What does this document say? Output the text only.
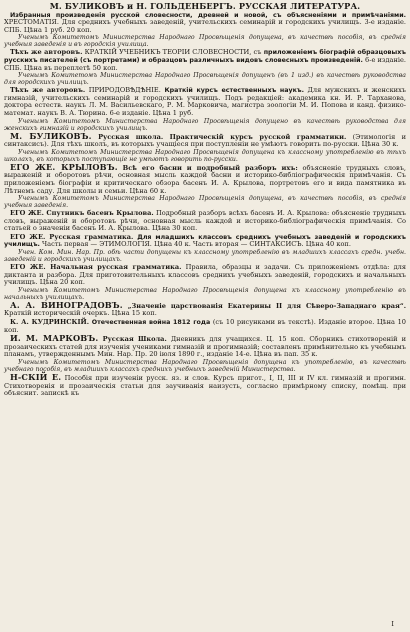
М. БУЛИКОВЪ и Н. ГОЛЬДЕНБЕРГЪ. РУССКАЯ ЛИТЕРАТУРА.

Избранныя произведенія русской словесности, древней и новой, съ объясненіями и примѣчаніями. ХРЕСТОМАТІЯ. Для среднихъ учебныхъ заведеній, учительскихъ семинарій и городскихъ училищъ. 3-е изданіе. СПБ. Цѣна 1 руб. 20 коп.

Ученымъ Комитетомъ Министерства Народнаго Просвѣщенія допущена, въ качествѣ пособія, въ среднія учебныя заведенія и въ городскія училища.

Тѣхъ же авторовъ. КРАТКІЙ УЧЕБНИКЪ ТЕОРІИ СЛОВЕСНОСТИ, съ приложеніемъ біографій образцовыхъ русскихъ писателей (съ портретами) и образцовъ различныхъ видовъ словесныхъ произведеній. 6-е изданіе. СПБ. Цѣна въ переплетѣ 50 коп.

Ученымъ Комитетомъ Министерства Народнаго Просвѣщенія допущенъ (въ 1 изд.) въ качествѣ руководства для городскихъ училищъ.

Тѣхъ же авторовъ. ПРИРОДОВѢДѢНІЕ. Краткій курсъ естественныхъ наукъ. Для мужскихъ и женскихъ гимназій, учительскихъ семинарій и городскихъ училищъ. Подъ редакціей: академика кн. И. Р. Тарханова, доктора естеств. наукъ Л. М. Васильевскаго, Р. М. Марковича, магистра зоологіи М. И. Попова и канд. физико-математ. наукъ В. А. Тюрина. 6-е изданіе. Цѣна 1 руб.

Ученымъ Комитетомъ Министерства Народнаго Просвѣщенія допущено въ качествѣ руководства для женскихъ гимназій и городскихъ училищъ.

М. БУЛИКОВЪ. Русская школа. Практическій курсъ русской грамматики. (Этимологія и синтаксисъ). Для тѣхъ школъ, въ которыхъ учащіеся при поступленіи не умѣютъ говорить по-русски. Цѣна 30 к.

Ученымъ Комитетомъ Министерства Народнаго Просвѣщенія допущена къ классному употребленію въ тѣхъ школахъ, въ которыхъ поступающіе не умѣютъ говорить по-русски.

ЕГО ЖЕ. КРЫЛОВЪ. Всѣ его басни и подробный разборъ ихъ: объясненіе трудныхъ словъ, выраженій и оборотовъ рѣчи, основная мысль каждой басни и историко-библіографическія примѣчанія. Съ приложеніемъ біографіи и критическаго обзора басенъ И. А. Крылова, портретовъ его и вида памятника въ Лѣтнемъ саду. Для школы и семьи. Цѣна 60 к.

Ученымъ Комитетомъ Министерства Народнаго Просвѣщенія допущена, въ качествѣ пособія, въ среднія учебныя заведенія.

ЕГО ЖЕ. Спутникъ басенъ Крылова. Подробный разборъ всѣхъ басенъ И. А. Крылова: объясненіе трудныхъ словъ, выраженій и оборотовъ рѣчи, основная мысль каждой и историко-библіографическія примѣчанія. Со статьей о значеніи басенъ И. А. Крылова. Цѣна 30 коп.

ЕГО ЖЕ. Русская грамматика. Для младшихъ классовъ среднихъ учебныхъ заведеній и городскихъ училищъ. Часть первая — ЭТИМОЛОГІЯ. Цѣна 40 к. Часть вторая — СИНТАКСИСЪ. Цѣна 40 коп.

Учен. Ком. Мин. Нар. Пр. обѣ части допущены къ классному употребленію въ младшихъ классахъ средн. учебн. заведеній и городскихъ училищахъ.

ЕГО ЖЕ. Начальная русская грамматика. Правила, образцы и задачи. Съ приложеніемъ отдѣла: для диктанта и разбора. Для приготовительныхъ классовъ среднихъ учебныхъ заведеній, городскихъ и начальныхъ училищъ. Цѣна 20 коп.

Ученымъ Комитетомъ Министерства Народнаго Просвѣщенія допущена къ классному употребленію въ начальныхъ училищахъ.

А. А. ВИНОГРАДОВЪ. „Значеніе царствованія Екатерины II для Сѣверо-Западнаго края“. Краткій историческій очеркъ. Цѣна 15 коп.

К. А. КУДРИНСКІЙ. Отечественная война 1812 года (съ 10 рисунками въ текстѣ). Изданіе второе. Цѣна 10 коп.

И. М. МАРКОВЪ. Русская Школа. Дневникъ для учащихся. Ц. 15 коп. Сборникъ стихотвореній и прозаическихъ статей для изученія учениками гимназій и прогимназій; составленъ примѣнительно къ учебнымъ планамъ, утвержденнымъ Мин. Нар. Пр. 20 іюля 1890 г., изданіе 14-е. Цѣна въ пап. 35 к.

Ученымъ Комитетомъ Министерства Народнаго Просвѣщенія допущена къ употребленію, въ качествѣ учебнаго пособія, въ младшихъ классахъ среднихъ учебныхъ заведеній Министерства.

Н-СКІЙ Е. Пособія при изученіи русск. яз. и слов. Курсъ пригот., I, II, III и IV кл. гимназій и прогимн. Стихотворенія и прозаическія статьи для заучиванія наизусть, согласно примѣрному списку, помѣщ. при объяснит. запискѣ къ

I
